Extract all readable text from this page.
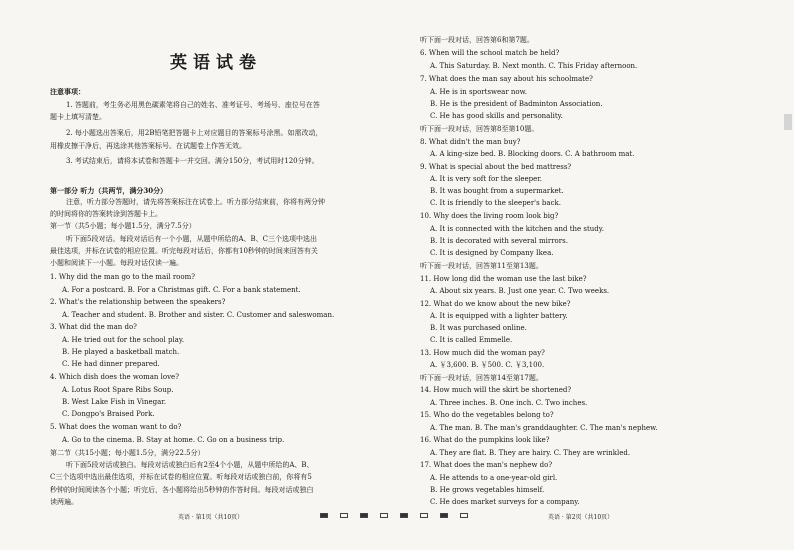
英语试卷
注意事项：
1. 答题前，考生务必用黑色碳素笔将自己的姓名、准考证号、考场号、座位号在答
题卡上填写清楚。
2. 每小题选出答案后，用2B铅笔把答题卡上对应题目的答案标号涂黑。如需改动，
用橡皮擦干净后，再选涂其他答案标号。在试题卷上作答无效。
3. 考试结束后，请将本试卷和答题卡一并交回。满分150分，考试用时120分钟。
第一部分 听力（共两节，满分30分）
注意，听力部分答题时，请先将答案标注在试卷上。听力部分结束前，你将有两分钟
的时间将你的答案转涂到答题卡上。
第一节（共5小题；每小题1.5分，满分7.5分）
听下面5段对话。每段对话后有一个小题，从题中所给的A、B、C三个选项中选出
最佳选项，并标在试卷的相应位置。听完每段对话后，你都有10秒钟的时间来回答有关
小题和阅读下一小题。每段对话仅读一遍。
1. Why did the man go to the mail room?
A. For a postcard. B. For a Christmas gift. C. For a bank statement.
2. What's the relationship between the speakers?
A. Teacher and student. B. Brother and sister. C. Customer and saleswoman.
3. What did the man do?
A. He tried out for the school play.
B. He played a basketball match.
C. He had dinner prepared.
4. Which dish does the woman love?
A. Lotus Root Spare Ribs Soup.
B. West Lake Fish in Vinegar.
C. Dongpo's Braised Pork.
5. What does the woman want to do?
A. Go to the cinema. B. Stay at home. C. Go on a business trip.
第二节（共15小题；每小题1.5分，满分22.5分）
听下面5段对话或独白。每段对话或独白后有2至4个小题，从题中所给的A、B、
C三个选项中选出最佳选项，并标在试卷的相应位置。听每段对话或独白前，你将有5
秒钟的时间阅读各个小题；听完后，各小题将给出5秒钟的作答时间。每段对话或独白
读两遍。
听下面一段对话，回答第6和第7题。
6. When will the school match be held?
A. This Saturday. B. Next month. C. This Friday afternoon.
7. What does the man say about his schoolmate?
A. He is in sportswear now.
B. He is the president of Badminton Association.
C. He has good skills and personality.
听下面一段对话，回答第8至第10题。
8. What didn't the man buy?
A. A king-size bed. B. Blocking doors. C. A bathroom mat.
9. What is special about the bed mattress?
A. It is very soft for the sleeper.
B. It was bought from a supermarket.
C. It is friendly to the sleeper's back.
10. Why does the living room look big?
A. It is connected with the kitchen and the study.
B. It is decorated with several mirrors.
C. It is designed by Company Ikea.
听下面一段对话，回答第11至第13题。
11. How long did the woman use the last bike?
A. About six years. B. Just one year. C. Two weeks.
12. What do we know about the new bike?
A. It is equipped with a lighter battery.
B. It was purchased online.
C. It is called Emmelle.
13. How much did the woman pay?
A. ￥3,600. B. ￥500. C. ￥3,100.
听下面一段对话，回答第14至第17题。
14. How much will the skirt be shortened?
A. Three inches. B. One inch. C. Two inches.
15. Who do the vegetables belong to?
A. The man. B. The man's granddaughter. C. The man's nephew.
16. What do the pumpkins look like?
A. They are flat. B. They are hairy. C. They are wrinkled.
17. What does the man's nephew do?
A. He attends to a one-year-old girl.
B. He grows vegetables himself.
C. He does market surveys for a company.
英语 · 第1页（共10页）	英语 · 第2页（共10页）
